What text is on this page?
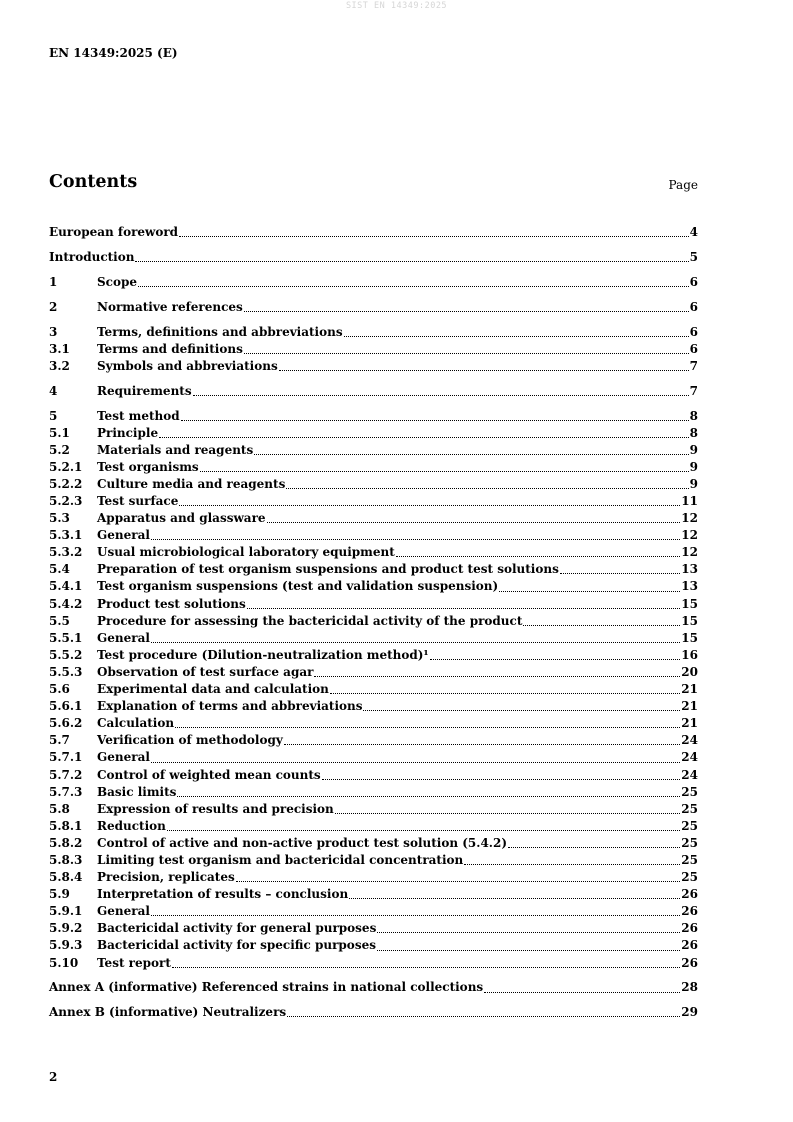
SIST EN 14349:2025
EN 14349:2025 (E)
Contents	Page
European foreword	4
Introduction	5
1	Scope	6
2	Normative references	6
3	Terms, definitions and abbreviations	6
3.1	Terms and definitions	6
3.2	Symbols and abbreviations	7
4	Requirements	7
5	Test method	8
5.1	Principle	8
5.2	Materials and reagents	9
5.2.1	Test organisms	9
5.2.2	Culture media and reagents	9
5.2.3	Test surface	11
5.3	Apparatus and glassware	12
5.3.1	General	12
5.3.2	Usual microbiological laboratory equipment	12
5.4	Preparation of test organism suspensions and product test solutions	13
5.4.1	Test organism suspensions (test and validation suspension)	13
5.4.2	Product test solutions	15
5.5	Procedure for assessing the bactericidal activity of the product	15
5.5.1	General	15
5.5.2	Test procedure (Dilution-neutralization method)¹	16
5.5.3	Observation of test surface agar	20
5.6	Experimental data and calculation	21
5.6.1	Explanation of terms and abbreviations	21
5.6.2	Calculation	21
5.7	Verification of methodology	24
5.7.1	General	24
5.7.2	Control of weighted mean counts	24
5.7.3	Basic limits	25
5.8	Expression of results and precision	25
5.8.1	Reduction	25
5.8.2	Control of active and non-active product test solution (5.4.2)	25
5.8.3	Limiting test organism and bactericidal concentration	25
5.8.4	Precision, replicates	25
5.9	Interpretation of results – conclusion	26
5.9.1	General	26
5.9.2	Bactericidal activity for general purposes	26
5.9.3	Bactericidal activity for specific purposes	26
5.10	Test report	26
Annex A (informative) Referenced strains in national collections	28
Annex B (informative) Neutralizers	29
2
